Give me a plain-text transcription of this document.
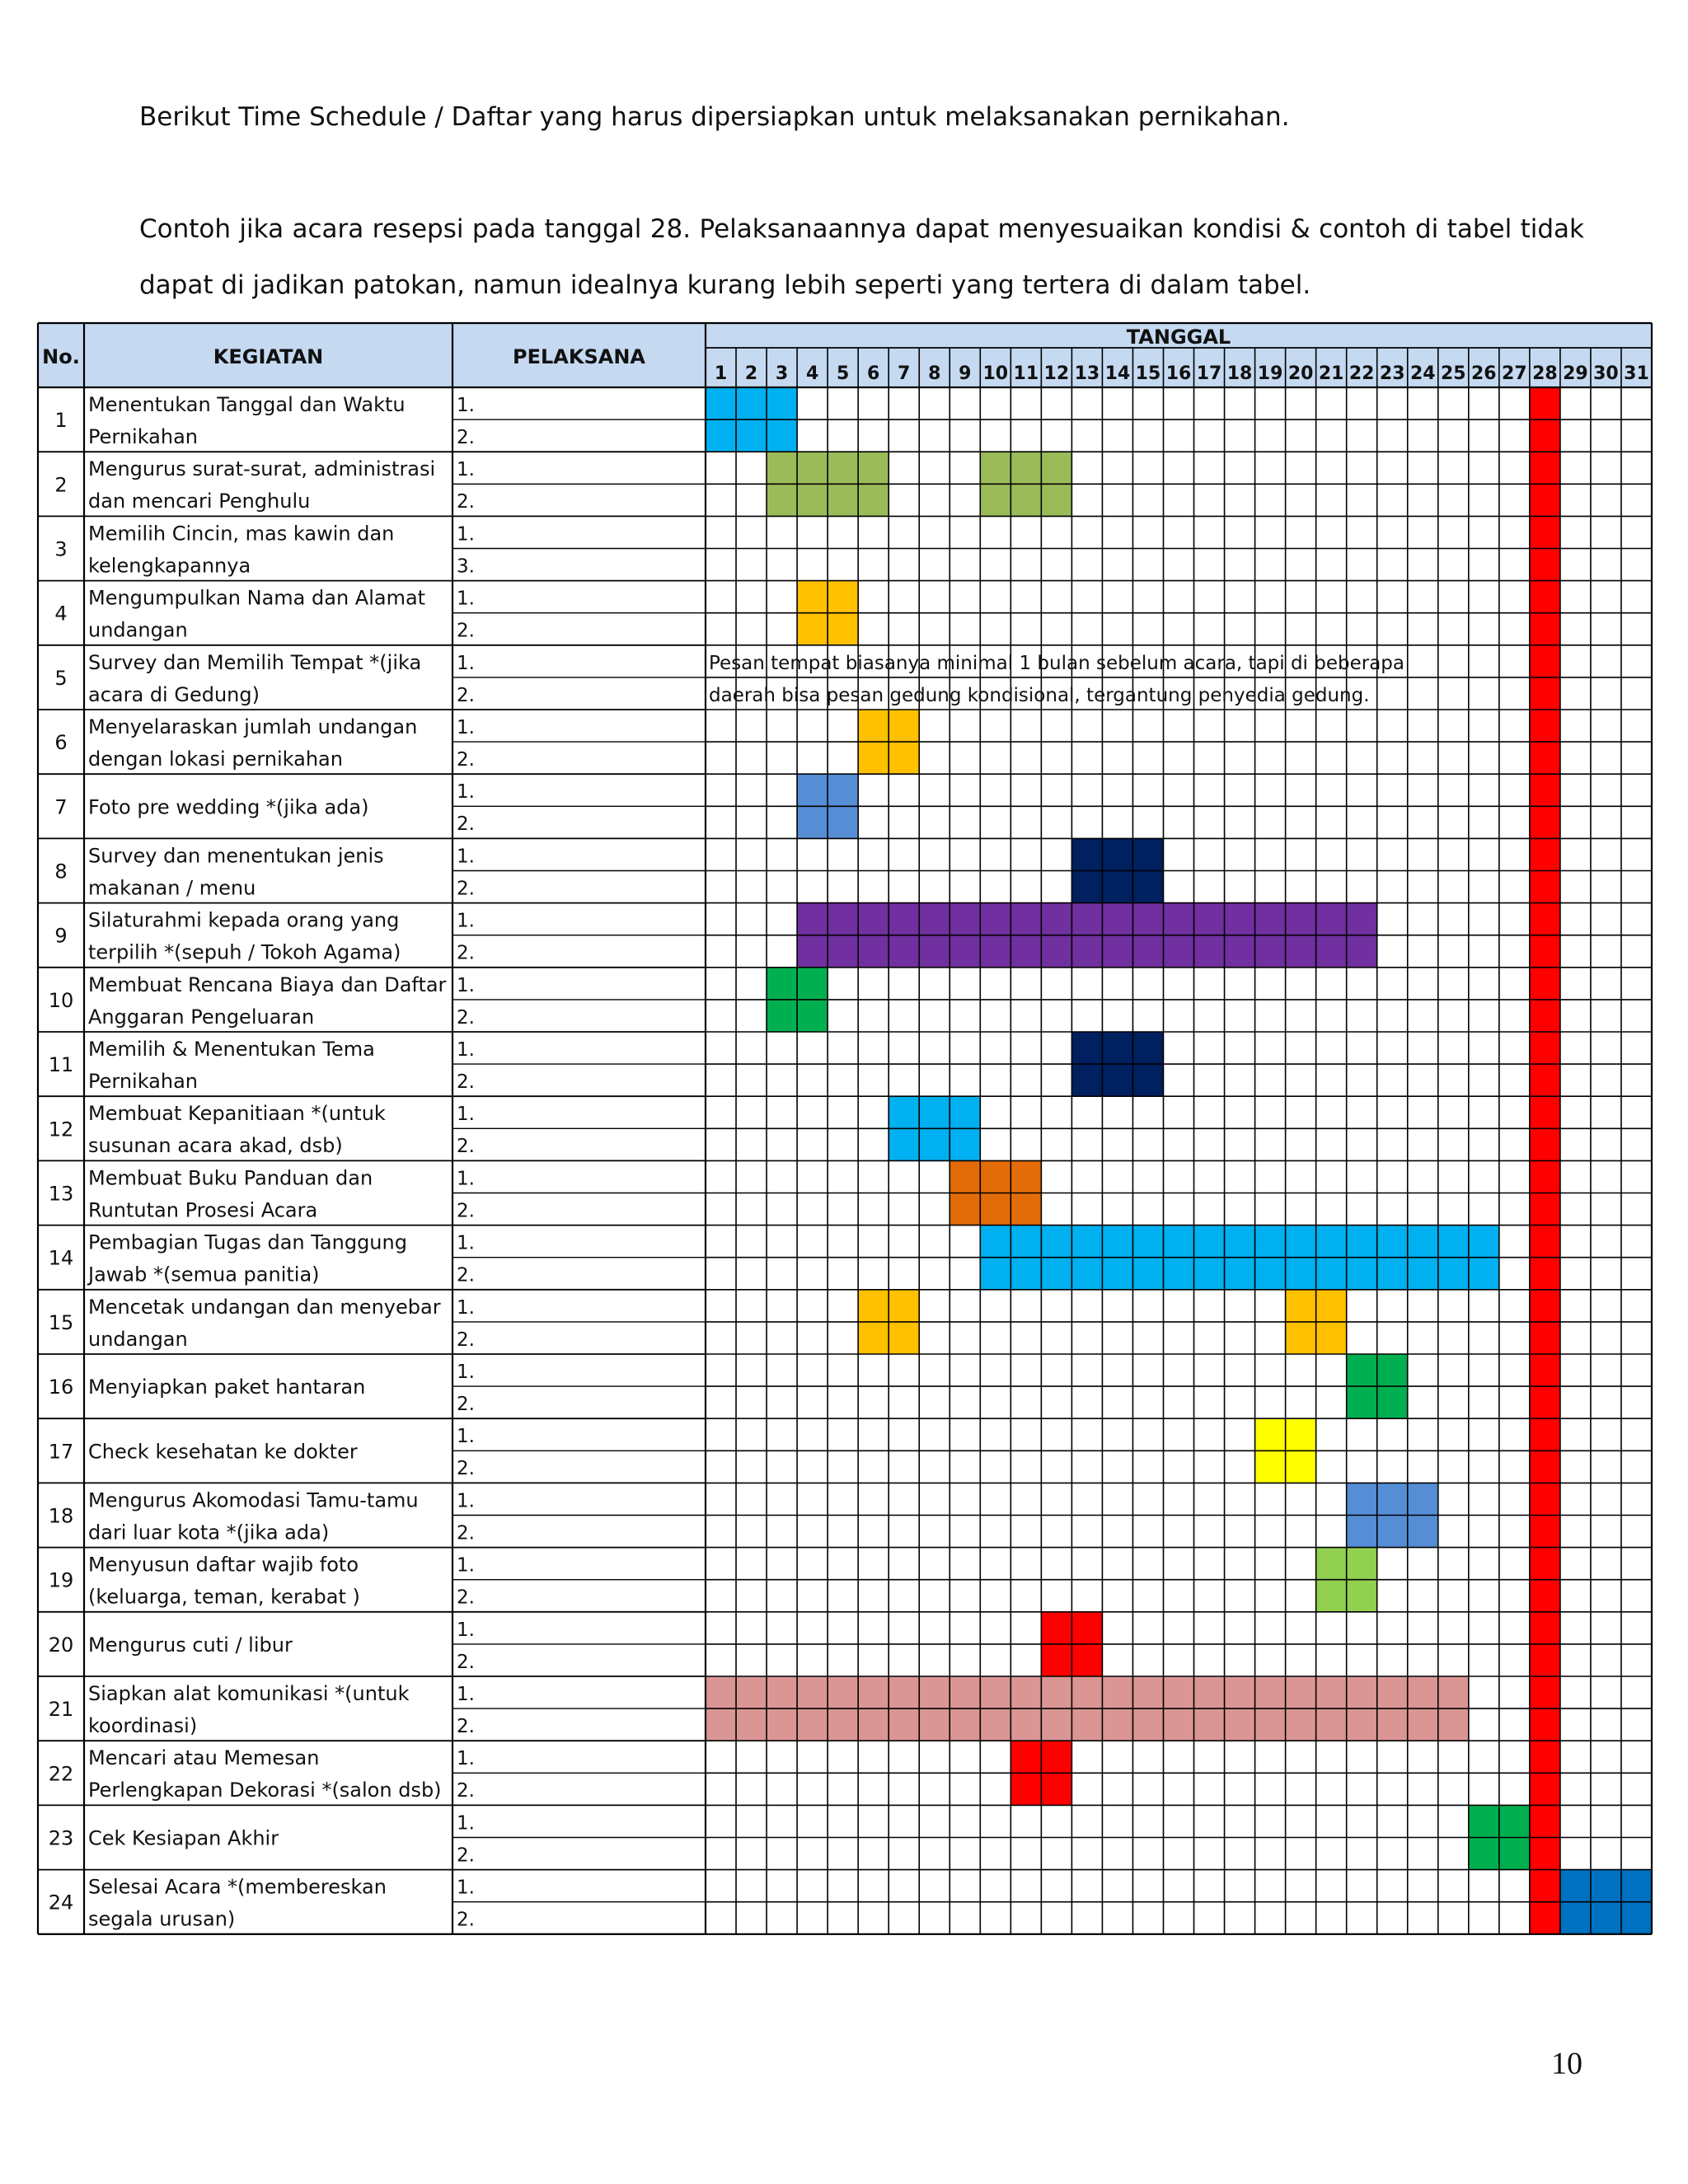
Berikut Time Schedule / Daftar yang harus dipersiapkan untuk melaksanakan pernikahan.
Contoh jika acara resepsi pada tanggal 28. Pelaksanaannya dapat menyesuaikan kondisi & contoh di tabel tidak dapat di jadikan patokan, namun idealnya kurang lebih seperti yang tertera di dalam tabel.
No.	KEGIATAN	PELAKSANA
TANGGAL
1 2 3 4 5 6 7 8 9 10 11 12 13 14 15 16 17 18 19 20 21 22 23 24 25 26 27 28 29 30 31
1
Menentukan Tanggal dan Waktu
Pernikahan
1.
2.
2
Mengurus surat-surat, administrasi
dan mencari Penghulu
1.
2.
3
Memilih Cincin, mas kawin dan
kelengkapannya
1.
3.
4
Mengumpulkan Nama dan Alamat
undangan
1.
2.
5
Survey dan Memilih Tempat *(jika
acara di Gedung)
1.
2.
Pesan tempat biasanya minimal 1 bulan sebelum acara, tapi di beberapa
daerah bisa pesan gedung kondisional, tergantung penyedia gedung.
6
Menyelaraskan jumlah undangan
dengan lokasi pernikahan
1.
2.
7 Foto pre wedding *(jika ada)
1.
2.
8
Survey dan menentukan jenis
makanan / menu
1.
2.
9
Silaturahmi kepada orang yang
terpilih *(sepuh / Tokoh Agama)
1.
2.
10
Membuat Rencana Biaya dan Daftar
Anggaran Pengeluaran
1.
2.
11
Memilih & Menentukan Tema
Pernikahan
1.
2.
12
Membuat Kepanitiaan *(untuk
susunan acara akad, dsb)
1.
2.
13
Membuat Buku Panduan dan
Runtutan Prosesi Acara
1.
2.
14
Pembagian Tugas dan Tanggung
Jawab *(semua panitia)
1.
2.
15
Mencetak undangan dan menyebar
undangan
1.
2.
16 Menyiapkan paket hantaran
1.
2.
17 Check kesehatan ke dokter
1.
2.
18
Mengurus Akomodasi Tamu-tamu
dari luar kota *(jika ada)
1.
2.
19
Menyusun daftar wajib foto
(keluarga, teman, kerabat )
1.
2.
20 Mengurus cuti / libur
1.
2.
21
Siapkan alat komunikasi *(untuk
koordinasi)
1.
2.
22
Mencari atau Memesan
Perlengkapan Dekorasi *(salon dsb)
1.
2.
23 Cek Kesiapan Akhir
1.
2.
24
Selesai Acara *(membereskan
segala urusan)
1.
2.
10
